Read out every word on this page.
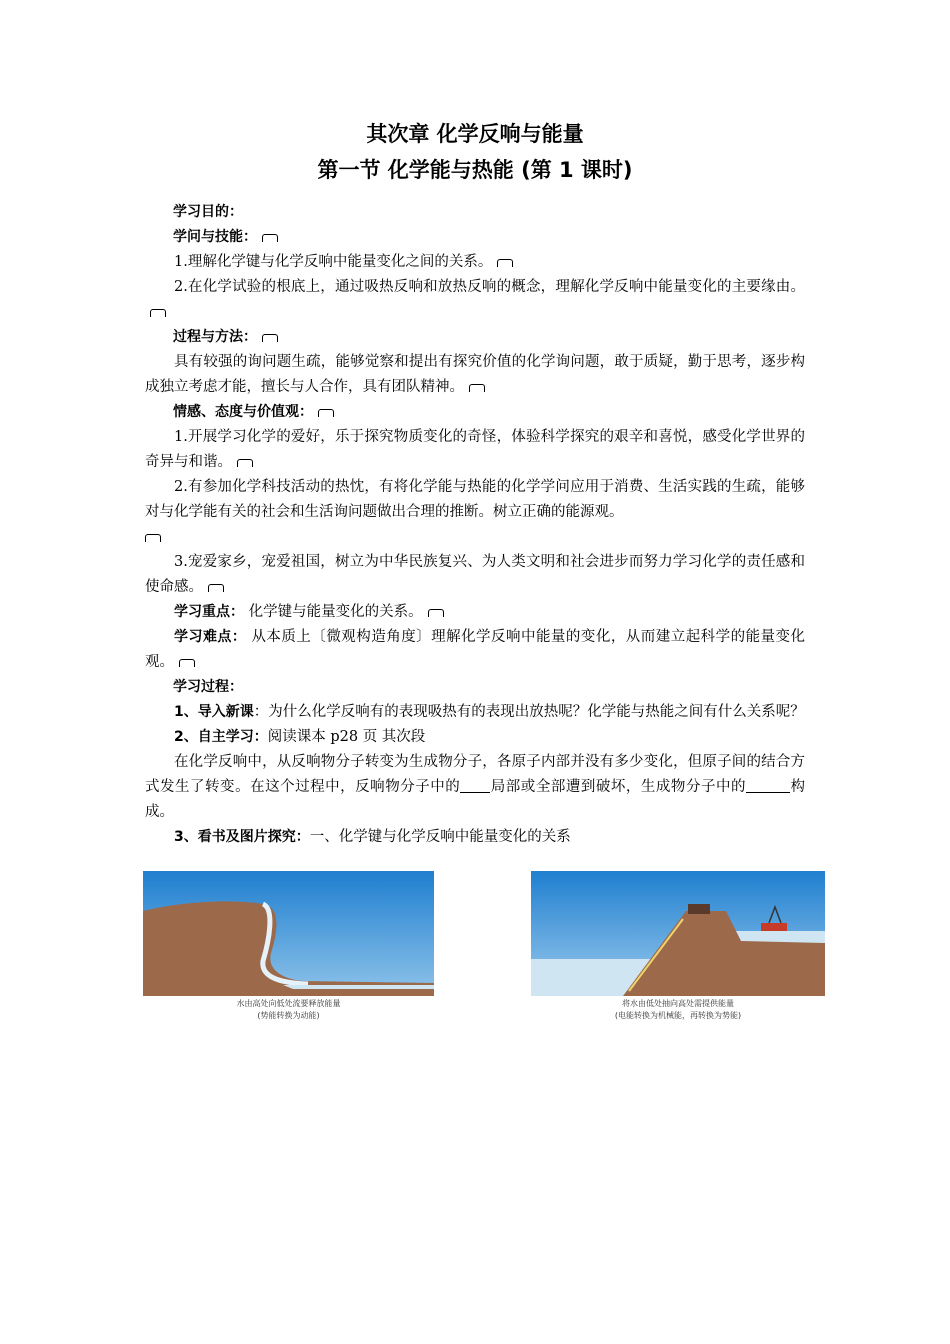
其次章 化学反响与能量
第一节 化学能与热能 (第 1 课时)

学习目的：

学问与技能：

1.理解化学键与化学反响中能量变化之间的关系。

2.在化学试验的根底上，通过吸热反响和放热反响的概念，理解化学反响中能量变化的主要缘由。

过程与方法：

具有较强的询问题生疏，能够觉察和提出有探究价值的化学询问题，敢于质疑，勤于思考，逐步构成独立考虑才能，擅长与人合作，具有团队精神。

情感、态度与价值观：

1.开展学习化学的爱好，乐于探究物质变化的奇怪，体验科学探究的艰辛和喜悦，感受化学世界的奇异与和谐。

2.有参加化学科技活动的热忱，有将化学能与热能的化学学问应用于消费、生活实践的生疏，能够对与化学能有关的社会和生活询问题做出合理的推断。树立正确的能源观。

3.宠爱家乡，宠爱祖国，树立为中华民族复兴、为人类文明和社会进步而努力学习化学的责任感和使命感。

学习重点： 化学键与能量变化的关系。

学习难点： 从本质上〔微观构造角度〕理解化学反响中能量的变化，从而建立起科学的能量变化观。

学习过程：

1、导入新课：为什么化学反响有的表现吸热有的表现出放热呢？化学能与热能之间有什么关系呢？

2、自主学习：阅读课本 p28 页 其次段

在化学反响中，从反响物分子转变为生成物分子，各原子内部并没有多少变化，但原子间的结合方式发生了转变。在这个过程中，反响物分子中的 局部或全部遭到破坏，生成物分子中的	构成。

3、看书及图片探究：一、化学键与化学反响中能量变化的关系

水由高处向低处流要释放能量
(势能转换为动能)
将水由低处抽向高处需提供能量
(电能转换为机械能，再转换为势能)
